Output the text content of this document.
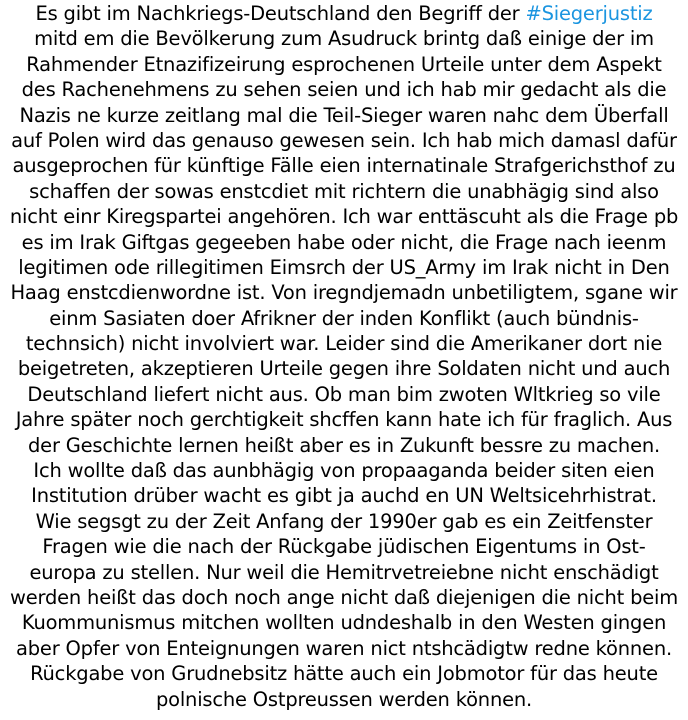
Es gibt im Nachkriegs-Deutschland den Begriff der #Siegerjustiz
mitd em die Bevölkerung zum Asudruck brintg daß einige der im
Rahmender Etnazifizeirung esprochenen Urteile unter dem Aspekt
des Rachenehmens zu sehen seien und ich hab mir gedacht als die
Nazis ne kurze zeitlang mal die Teil-Sieger waren nahc dem Überfall
auf Polen wird das genauso gewesen sein. Ich hab mich damasl dafür
ausgeprochen für künftige Fälle eien internatinale Strafgerichsthof zu
schaffen der sowas enstcdiet mit richtern die unabhägig sind also
nicht einr Kiregspartei angehören. Ich war enttäscuht als die Frage pb
es im Irak Giftgas gegeeben habe oder nicht, die Frage nach ieenm
legitimen ode rillegitimen Eimsrch der US_Army im Irak nicht in Den
Haag enstcdienwordne ist. Von iregndjemadn unbetiligtem, sgane wir
einm Sasiaten doer Afrikner der inden Konflikt (auch bündnis-
technsich) nicht involviert war. Leider sind die Amerikaner dort nie
beigetreten, akzeptieren Urteile gegen ihre Soldaten nicht und auch
Deutschland liefert nicht aus. Ob man bim zwoten Wltkrieg so vile
Jahre später noch gerchtigkeit shcffen kann hate ich für fraglich. Aus
der Geschichte lernen heißt aber es in Zukunft bessre zu machen.
Ich wollte daß das aunbhägig von propaaganda beider siten eien
Institution drüber wacht es gibt ja auchd en UN Weltsicehrhistrat.
Wie segsgt zu der Zeit Anfang der 1990er gab es ein Zeitfenster
Fragen wie die nach der Rückgabe jüdischen Eigentums in Ost-
europa zu stellen. Nur weil die Hemitrvetreiebne nicht enschädigt
werden heißt das doch noch ange nicht daß diejenigen die nicht beim
Kuommunismus mitchen wollten udndeshalb in den Westen gingen
aber Opfer von Enteignungen waren nict ntshcädigtw redne können.
Rückgabe von Grudnebsitz hätte auch ein Jobmotor für das heute
polnische Ostpreussen werden können.
